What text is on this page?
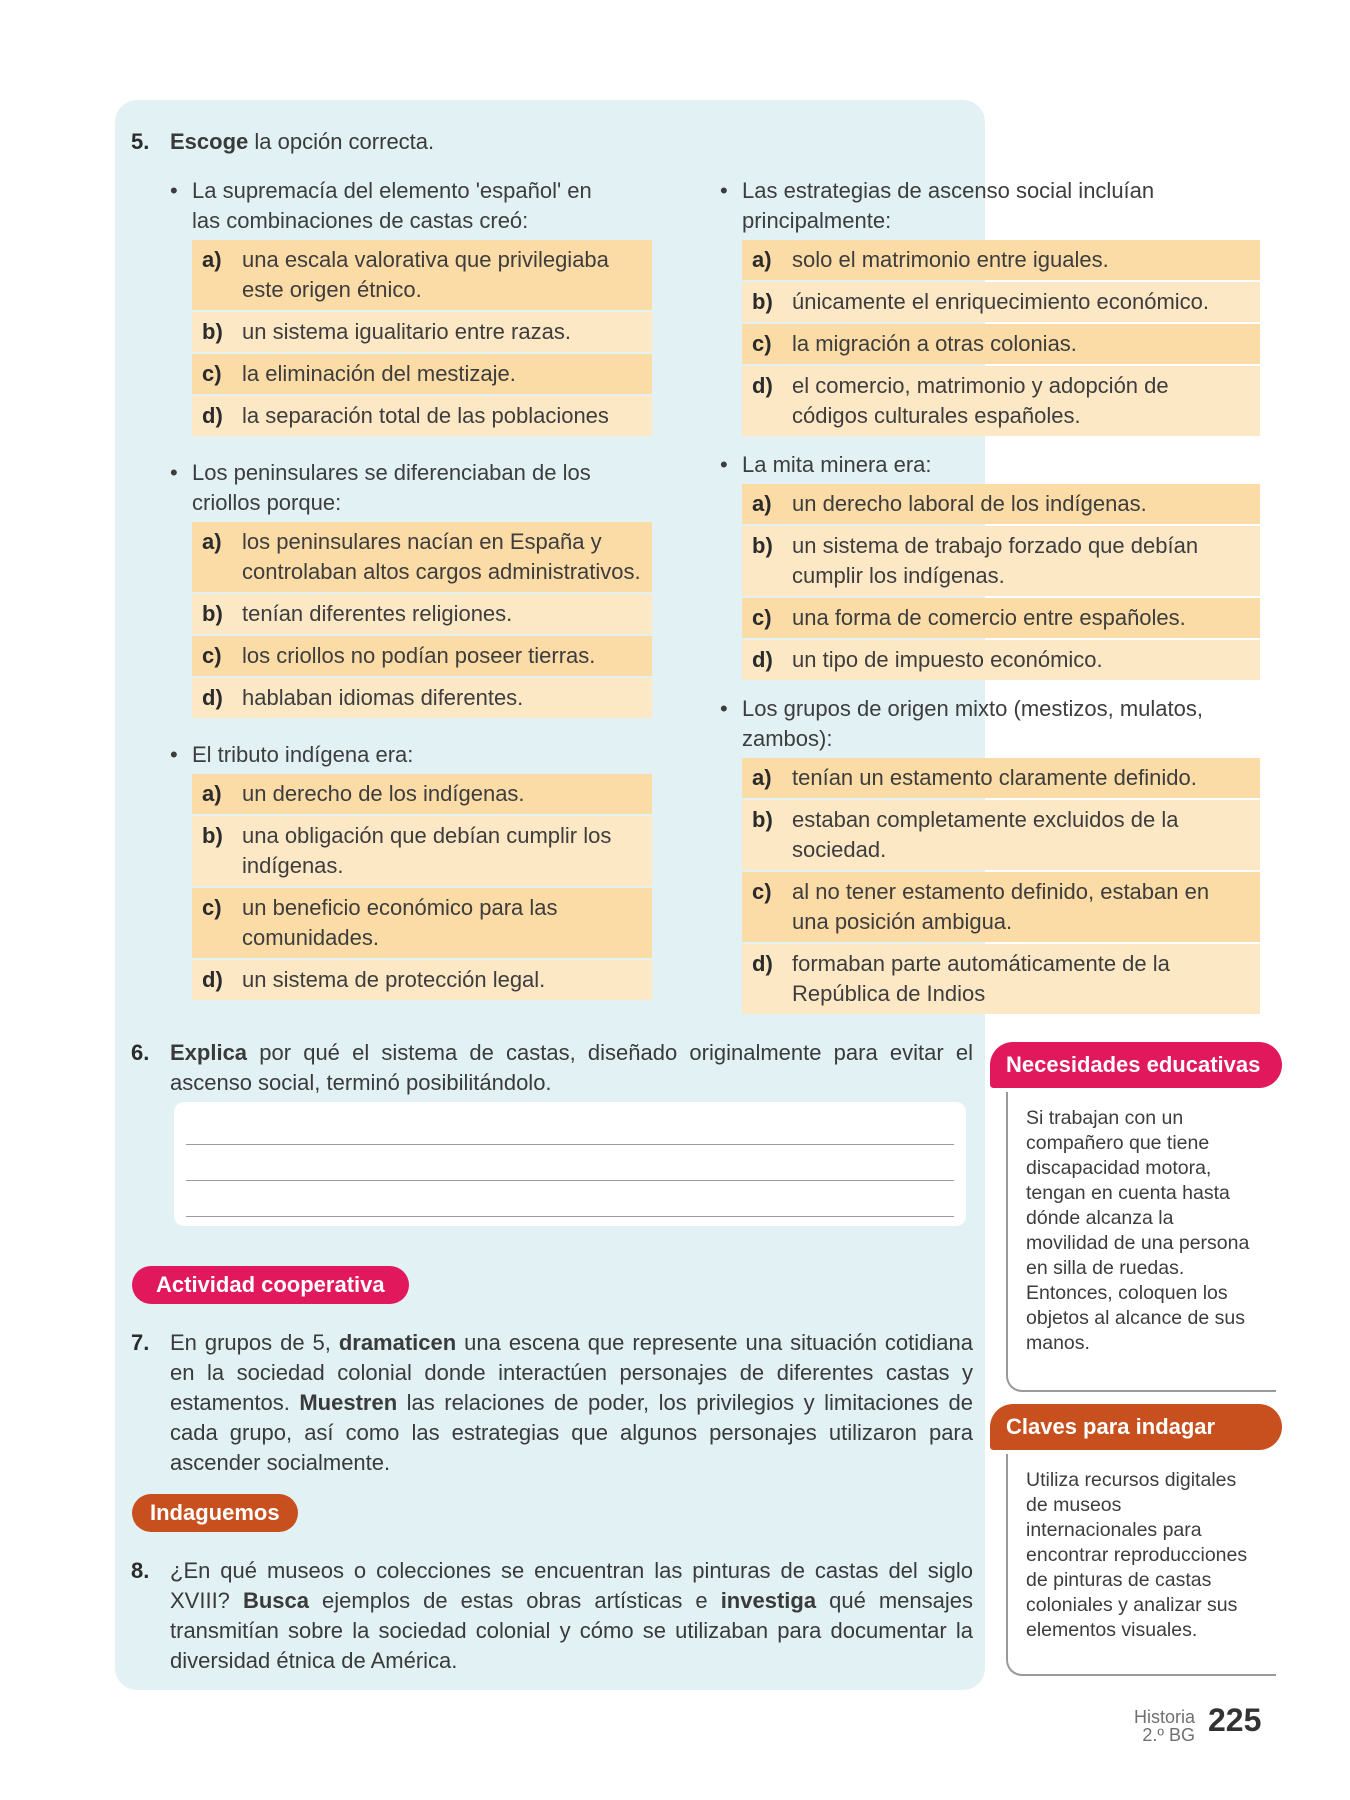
5. Escoge la opción correcta.
• La supremacía del elemento 'español' en las combinaciones de castas creó:
a) una escala valorativa que privilegiaba este origen étnico.
b) un sistema igualitario entre razas.
c) la eliminación del mestizaje.
d) la separación total de las poblaciones
• Los peninsulares se diferenciaban de los criollos porque:
a) los peninsulares nacían en España y controlaban altos cargos administrativos.
b) tenían diferentes religiones.
c) los criollos no podían poseer tierras.
d) hablaban idiomas diferentes.
• El tributo indígena era:
a) un derecho de los indígenas.
b) una obligación que debían cumplir los indígenas.
c) un beneficio económico para las comunidades.
d) un sistema de protección legal.
• Las estrategias de ascenso social incluían principalmente:
a) solo el matrimonio entre iguales.
b) únicamente el enriquecimiento económico.
c) la migración a otras colonias.
d) el comercio, matrimonio y adopción de códigos culturales españoles.
• La mita minera era:
a) un derecho laboral de los indígenas.
b) un sistema de trabajo forzado que debían cumplir los indígenas.
c) una forma de comercio entre españoles.
d) un tipo de impuesto económico.
• Los grupos de origen mixto (mestizos, mulatos, zambos):
a) tenían un estamento claramente definido.
b) estaban completamente excluidos de la sociedad.
c) al no tener estamento definido, estaban en una posición ambigua.
d) formaban parte automáticamente de la República de Indios
6. Explica por qué el sistema de castas, diseñado originalmente para evitar el ascenso social, terminó posibilitándolo.
Actividad cooperativa
7. En grupos de 5, dramaticen una escena que represente una situación cotidiana en la sociedad colonial donde interactúen personajes de diferentes castas y estamentos. Muestren las relaciones de poder, los privilegios y limitaciones de cada grupo, así como las estrategias que algunos personajes utilizaron para ascender socialmente.
Indaguemos
8. ¿En qué museos o colecciones se encuentran las pinturas de castas del siglo XVIII? Busca ejemplos de estas obras artísticas e investiga qué mensajes transmitían sobre la sociedad colonial y cómo se utilizaban para documentar la diversidad étnica de América.
Necesidades educativas
Si trabajan con un
compañero que tiene
discapacidad motora,
tengan en cuenta hasta
dónde alcanza la
movilidad de una persona
en silla de ruedas.
Entonces, coloquen los
objetos al alcance de sus
manos.
Claves para indagar
Utiliza recursos digitales
de museos
internacionales para
encontrar reproducciones
de pinturas de castas
coloniales y analizar sus
elementos visuales.
Historia
2.º BG 225
